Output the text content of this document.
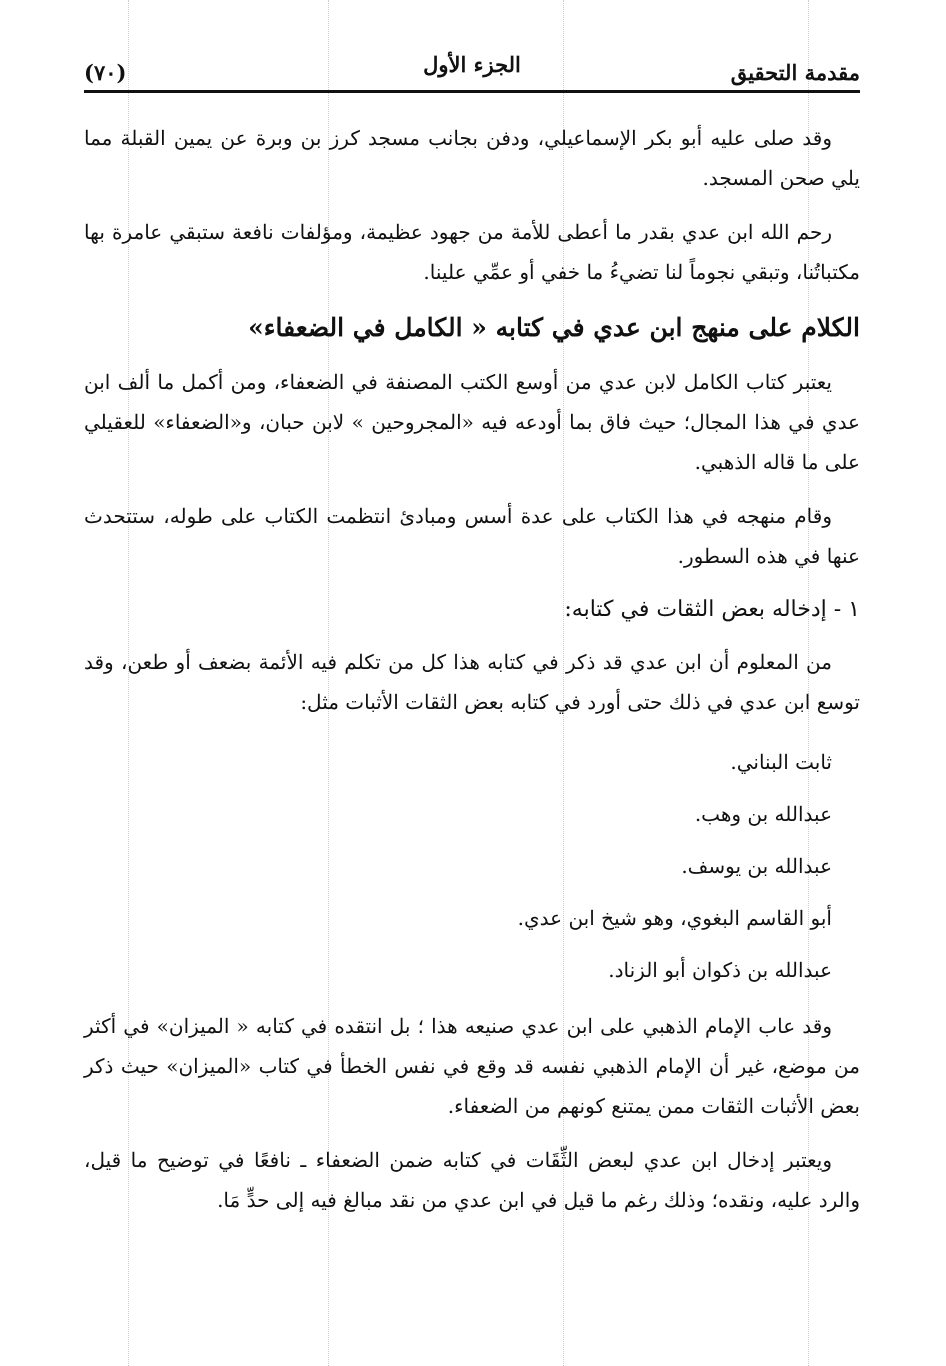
مقدمة التحقيق
الجزء الأول
(٧٠)

وقد صلى عليه أبو بكر الإسماعيلي، ودفن بجانب مسجد كرز بن وبرة عن يمين القبلة مما يلي صحن المسجد.

رحم الله ابن عدي بقدر ما أعطى للأمة من جهود عظيمة، ومؤلفات نافعة ستبقي عامرة بها مكتباتُنا، وتبقي نجوماً لنا تضيءُ ما خفي أو عمِّي علينا.

الكلام على منهج ابن عدي في كتابه « الكامل في الضعفاء»

يعتبر كتاب الكامل لابن عدي من أوسع الكتب المصنفة في الضعفاء، ومن أكمل ما ألف ابن عدي في هذا المجال؛ حيث فاق بما أودعه فيه «المجروحين » لابن حبان، و«الضعفاء» للعقيلي على ما قاله الذهبي.

وقام منهجه في هذا الكتاب على عدة أسس ومبادئ انتظمت الكتاب على طوله، ستتحدث عنها في هذه السطور.

١ - إدخاله بعض الثقات في كتابه:

من المعلوم أن ابن عدي قد ذكر في كتابه هذا كل من تكلم فيه الأئمة بضعف أو طعن، وقد توسع ابن عدي في ذلك حتى أورد في كتابه بعض الثقات الأثبات مثل:

ثابت البناني.
عبدالله بن وهب.
عبدالله بن يوسف.
أبو القاسم البغوي، وهو شيخ ابن عدي.
عبدالله بن ذكوان أبو الزناد.

وقد عاب الإمام الذهبي على ابن عدي صنيعه هذا ؛ بل انتقده في كتابه « الميزان» في أكثر من موضع، غير أن الإمام الذهبي نفسه قد وقع في نفس الخطأ في كتاب «الميزان» حيث ذكر بعض الأثبات الثقات ممن يمتنع كونهم من الضعفاء.

ويعتبر إدخال ابن عدي لبعض الثِّقَات في كتابه ضمن الضعفاء ـ نافعًا في توضيح ما قيل، والرد عليه، ونقده؛ وذلك رغم ما قيل في ابن عدي من نقد مبالغ فيه إلى حدٍّ مَا.
